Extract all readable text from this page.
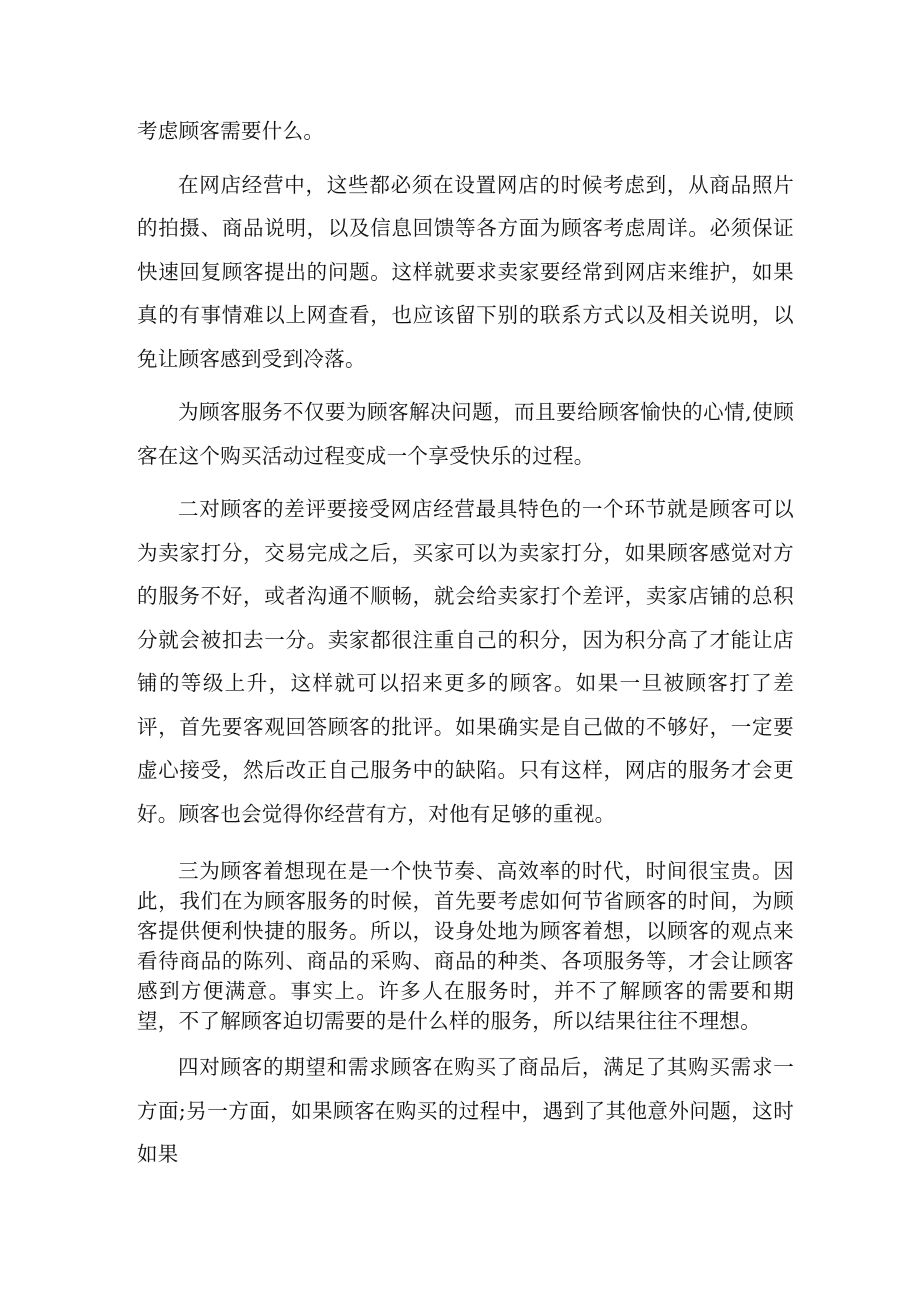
考虑顾客需要什么。

在网店经营中，这些都必须在设置网店的时候考虑到，从商品照片的拍摄、商品说明，以及信息回馈等各方面为顾客考虑周详。必须保证快速回复顾客提出的问题。这样就要求卖家要经常到网店来维护，如果真的有事情难以上网查看，也应该留下别的联系方式以及相关说明，以免让顾客感到受到冷落。

为顾客服务不仅要为顾客解决问题，而且要给顾客愉快的心情,使顾客在这个购买活动过程变成一个享受快乐的过程。

二对顾客的差评要接受网店经营最具特色的一个环节就是顾客可以为卖家打分，交易完成之后，买家可以为卖家打分，如果顾客感觉对方的服务不好，或者沟通不顺畅，就会给卖家打个差评，卖家店铺的总积分就会被扣去一分。卖家都很注重自己的积分，因为积分高了才能让店铺的等级上升，这样就可以招来更多的顾客。如果一旦被顾客打了差评，首先要客观回答顾客的批评。如果确实是自己做的不够好，一定要虚心接受，然后改正自己服务中的缺陷。只有这样，网店的服务才会更好。顾客也会觉得你经营有方，对他有足够的重视。

三为顾客着想现在是一个快节奏、高效率的时代，时间很宝贵。因此，我们在为顾客服务的时候，首先要考虑如何节省顾客的时间，为顾客提供便利快捷的服务。所以，设身处地为顾客着想，以顾客的观点来看待商品的陈列、商品的采购、商品的种类、各项服务等，才会让顾客感到方便满意。事实上。许多人在服务时，并不了解顾客的需要和期望，不了解顾客迫切需要的是什么样的服务，所以结果往往不理想。

四对顾客的期望和需求顾客在购买了商品后，满足了其购买需求一方面;另一方面，如果顾客在购买的过程中，遇到了其他意外问题，这时如果
